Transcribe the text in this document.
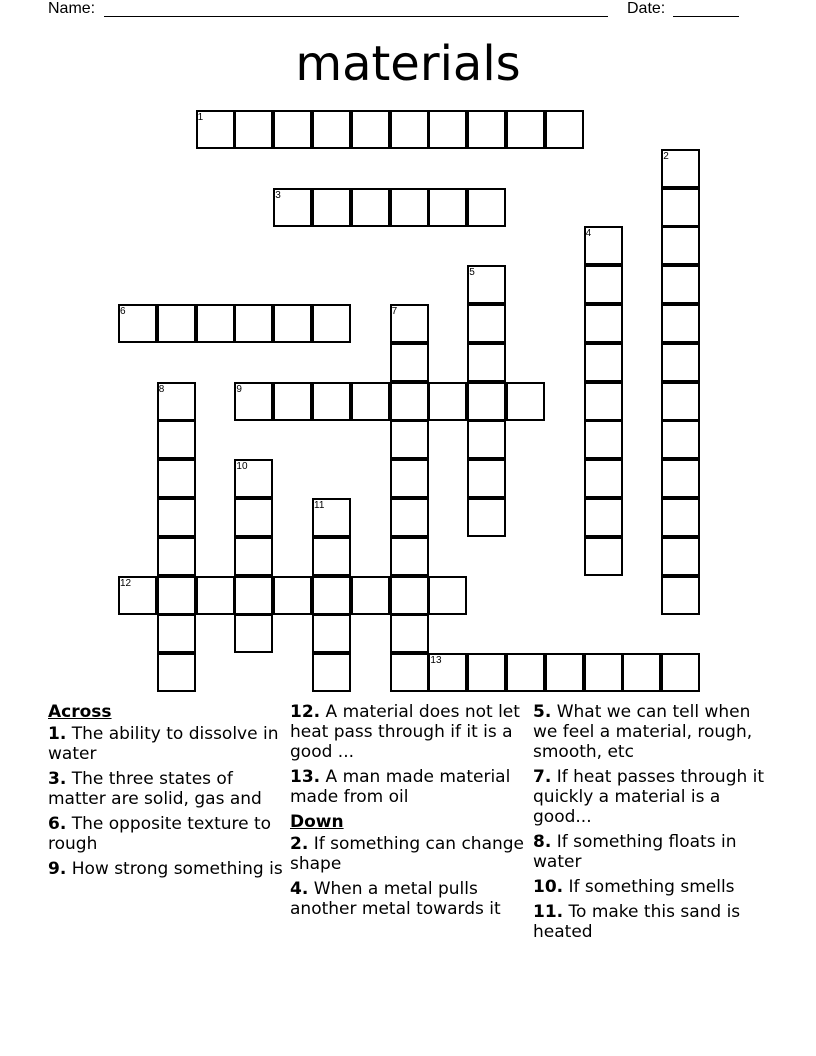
Name:	Date:
materials
1
2
3
4
5
6	7
8	9
10
11
12
13
Across
1. The ability to dissolve in water
3. The three states of matter are solid, gas and
6. The opposite texture to rough
9. How strong something is
12. A material does not let heat pass through if it is a good ...
13. A man made material made from oil
Down
2. If something can change shape
4. When a metal pulls another metal towards it
5. What we can tell when we feel a material, rough, smooth, etc
7. If heat passes through it quickly a material is a good...
8. If something floats in water
10. If something smells
11. To make this sand is heated
